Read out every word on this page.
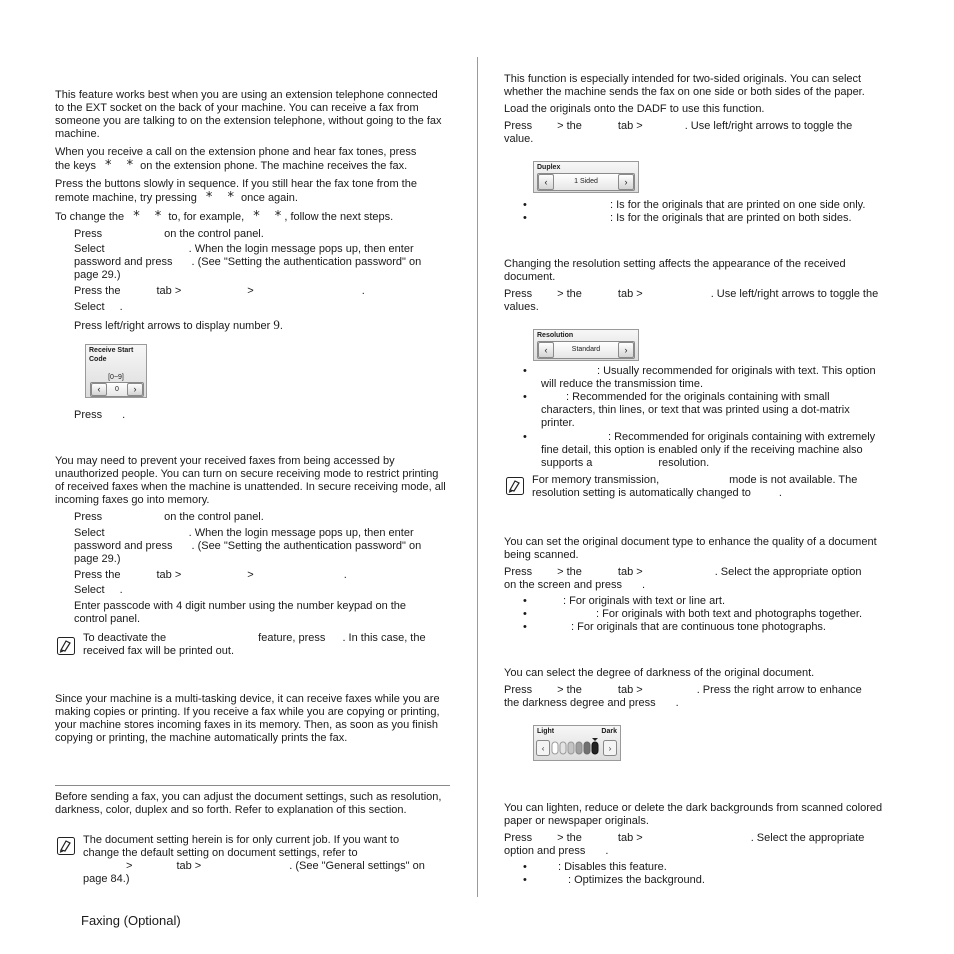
This feature works best when you are using an extension telephone connected to the EXT socket on the back of your machine. You can receive a fax from someone you are talking to on the extension telephone, without going to the fax machine.

When you receive a call on the extension phone and hear fax tones, press

the keys * * on the extension phone. The machine receives the fax.

Press the buttons slowly in sequence. If you still hear the fax tone from the

remote machine, try pressing * * once again.
To change the * * to, for example, * * , follow the next steps.
Press	on the control panel.
Select	. When the login message pops up, then enter
password and press . (See "Setting the authentication password" on

page 29.)

Press the	tab >	>	.
Select .
Press left/right arrows to display number 9.
Receive Start Code
[0~9]
‹	0	›
Press .

You may need to prevent your received faxes from being accessed by unauthorized people. You can turn on secure receiving mode to restrict printing of received faxes when the machine is unattended. In secure receiving mode, all incoming faxes go into memory.

Press	on the control panel.
Select	. When the login message pops up, then enter
password and press . (See "Setting the authentication password" on

page 29.)

Press the	tab >	>	.
Select .

Enter passcode with 4 digit number using the number keypad on the

control panel.

To deactivate the	feature, press . In this case, the

received fax will be printed out.

Since your machine is a multi-tasking device, it can receive faxes while you are making copies or printing. If you receive a fax while you are copying or printing, your machine stores incoming faxes in its memory. Then, as soon as you finish copying or printing, the machine automatically prints the fax.

Before sending a fax, you can adjust the document settings, such as resolution, darkness, color, duplex and so forth. Refer to explanation of this section.

The document setting herein is for only current job. If you want to

change the default setting on document settings, refer to

>	tab >	. (See "General settings" on

page 84.)

This function is especially intended for two-sided originals. You can select whether the machine sends the fax on one side or both sides of the paper.

Load the originals onto the DADF to use this function.

Press > the	tab >	. Use left/right arrows to toggle the

value.

Duplex
‹	1 Sided	›
•	: Is for the originals that are printed on one side only.
•	: Is for the originals that are printed on both sides.

Changing the resolution setting affects the appearance of the received document.

Press > the	tab >	. Use left/right arrows to toggle the

values.

Resolution
‹	Standard	›
•	: Usually recommended for originals with text. This option

will reduce the transmission time.

•	: Recommended for the originals containing with small

characters, thin lines, or text that was printed using a dot-matrix

printer.

•	: Recommended for originals containing with extremely

fine detail, this option is enabled only if the receiving machine also

supports a	resolution.
For memory transmission,	mode is not available. The
resolution setting is automatically changed to	.

You can set the original document type to enhance the quality of a document being scanned.

Press > the	tab >	. Select the appropriate option
on the screen and press .
•	: For originals with text or line art.
•	: For originals with both text and photographs together.
•	: For originals that are continuous tone photographs.

You can select the degree of darkness of the original document.

Press > the	tab >	. Press the right arrow to enhance
the darkness degree and press .
Light	Dark
‹	›

You can lighten, reduce or delete the dark backgrounds from scanned colored paper or newspaper originals.

Press > the	tab >	. Select the appropriate
option and press .
•	: Disables this feature.
•	: Optimizes the background.
Faxing (Optional)
